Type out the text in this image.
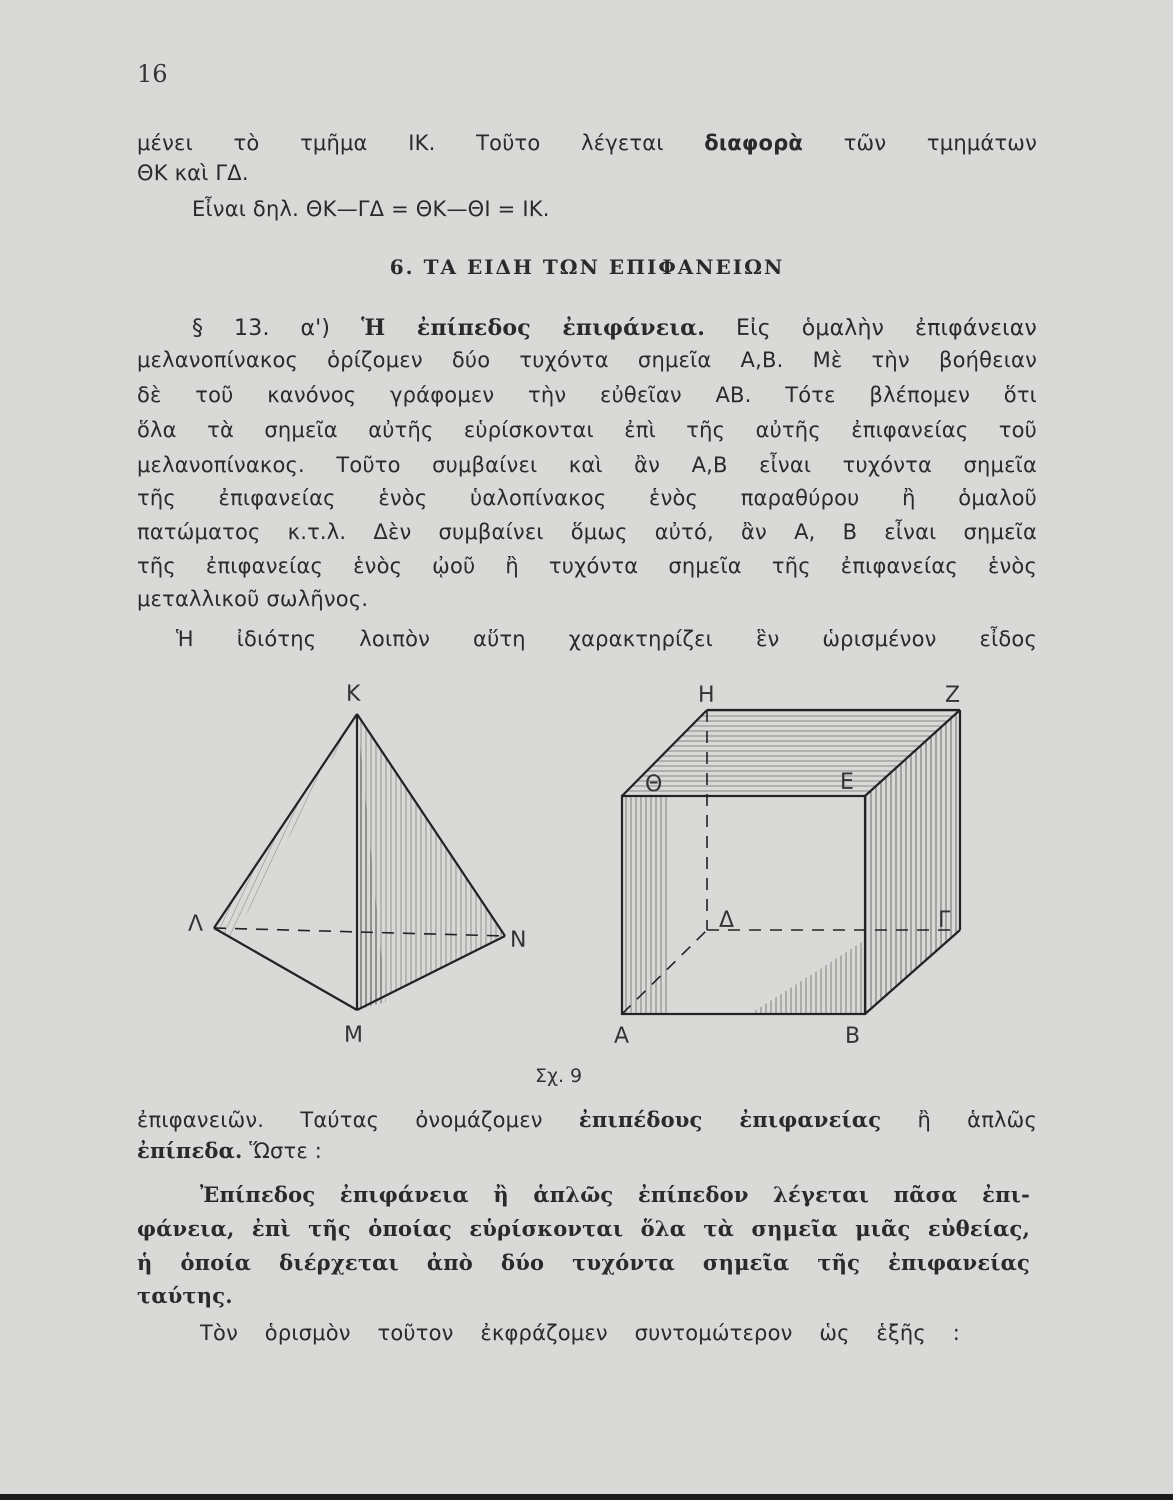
16
μένει τὸ τμῆμα ΙΚ. Τοῦτο λέγεται διαφορὰ τῶν τμημάτων
ΘΚ καὶ ΓΔ.
Εἶναι δηλ. ΘΚ—ΓΔ = ΘΚ—ΘΙ = ΙΚ.
6. ΤΑ ΕΙΔΗ ΤΩΝ ΕΠΙΦΑΝΕΙΩΝ
§ 13. α') Ἡ ἐπίπεδος ἐπιφάνεια. Εἰς ὁμαλὴν ἐπιφάνειαν
μελανοπίνακος ὁρίζομεν δύο τυχόντα σημεῖα Α,Β. Μὲ τὴν βοήθειαν
δὲ τοῦ κανόνος γράφομεν τὴν εὐθεῖαν ΑΒ. Τότε βλέπομεν ὅτι
ὅλα τὰ σημεῖα αὐτῆς εὑρίσκονται ἐπὶ τῆς αὐτῆς ἐπιφανείας τοῦ
μελανοπίνακος. Τοῦτο συμβαίνει καὶ ἂν Α,Β εἶναι τυχόντα σημεῖα
τῆς ἐπιφανείας ἑνὸς ὑαλοπίνακος ἑνὸς παραθύρου ἢ ὁμαλοῦ
πατώματος κ.τ.λ. Δὲν συμβαίνει ὅμως αὐτό, ἂν Α, Β εἶναι σημεῖα
τῆς ἐπιφανείας ἑνὸς ᾠοῦ ἢ τυχόντα σημεῖα τῆς ἐπιφανείας ἑνὸς
μεταλλικοῦ σωλῆνος.
Ἡ ἰδιότης λοιπὸν αὕτη χαρακτηρίζει ἓν ὡρισμένον εἶδος
Κ
Λ
Ν
Μ
Η	Ζ
Θ	Ε
Δ	Γ
Α	Β
Σχ. 9
ἐπιφανειῶν. Ταύτας ὀνομάζομεν ἐπιπέδους ἐπιφανείας ἢ ἁπλῶς
ἐπίπεδα. Ὥστε :
Ἐπίπεδος ἐπιφάνεια ἢ ἁπλῶς ἐπίπεδον λέγεται πᾶσα ἐπι-
φάνεια, ἐπὶ τῆς ὁποίας εὑρίσκονται ὅλα τὰ σημεῖα μιᾶς εὐθείας,
ἡ ὁποία διέρχεται ἀπὸ δύο τυχόντα σημεῖα τῆς ἐπιφανείας
ταύτης.
Τὸν ὁρισμὸν τοῦτον ἐκφράζομεν συντομώτερον ὡς ἑξῆς :
